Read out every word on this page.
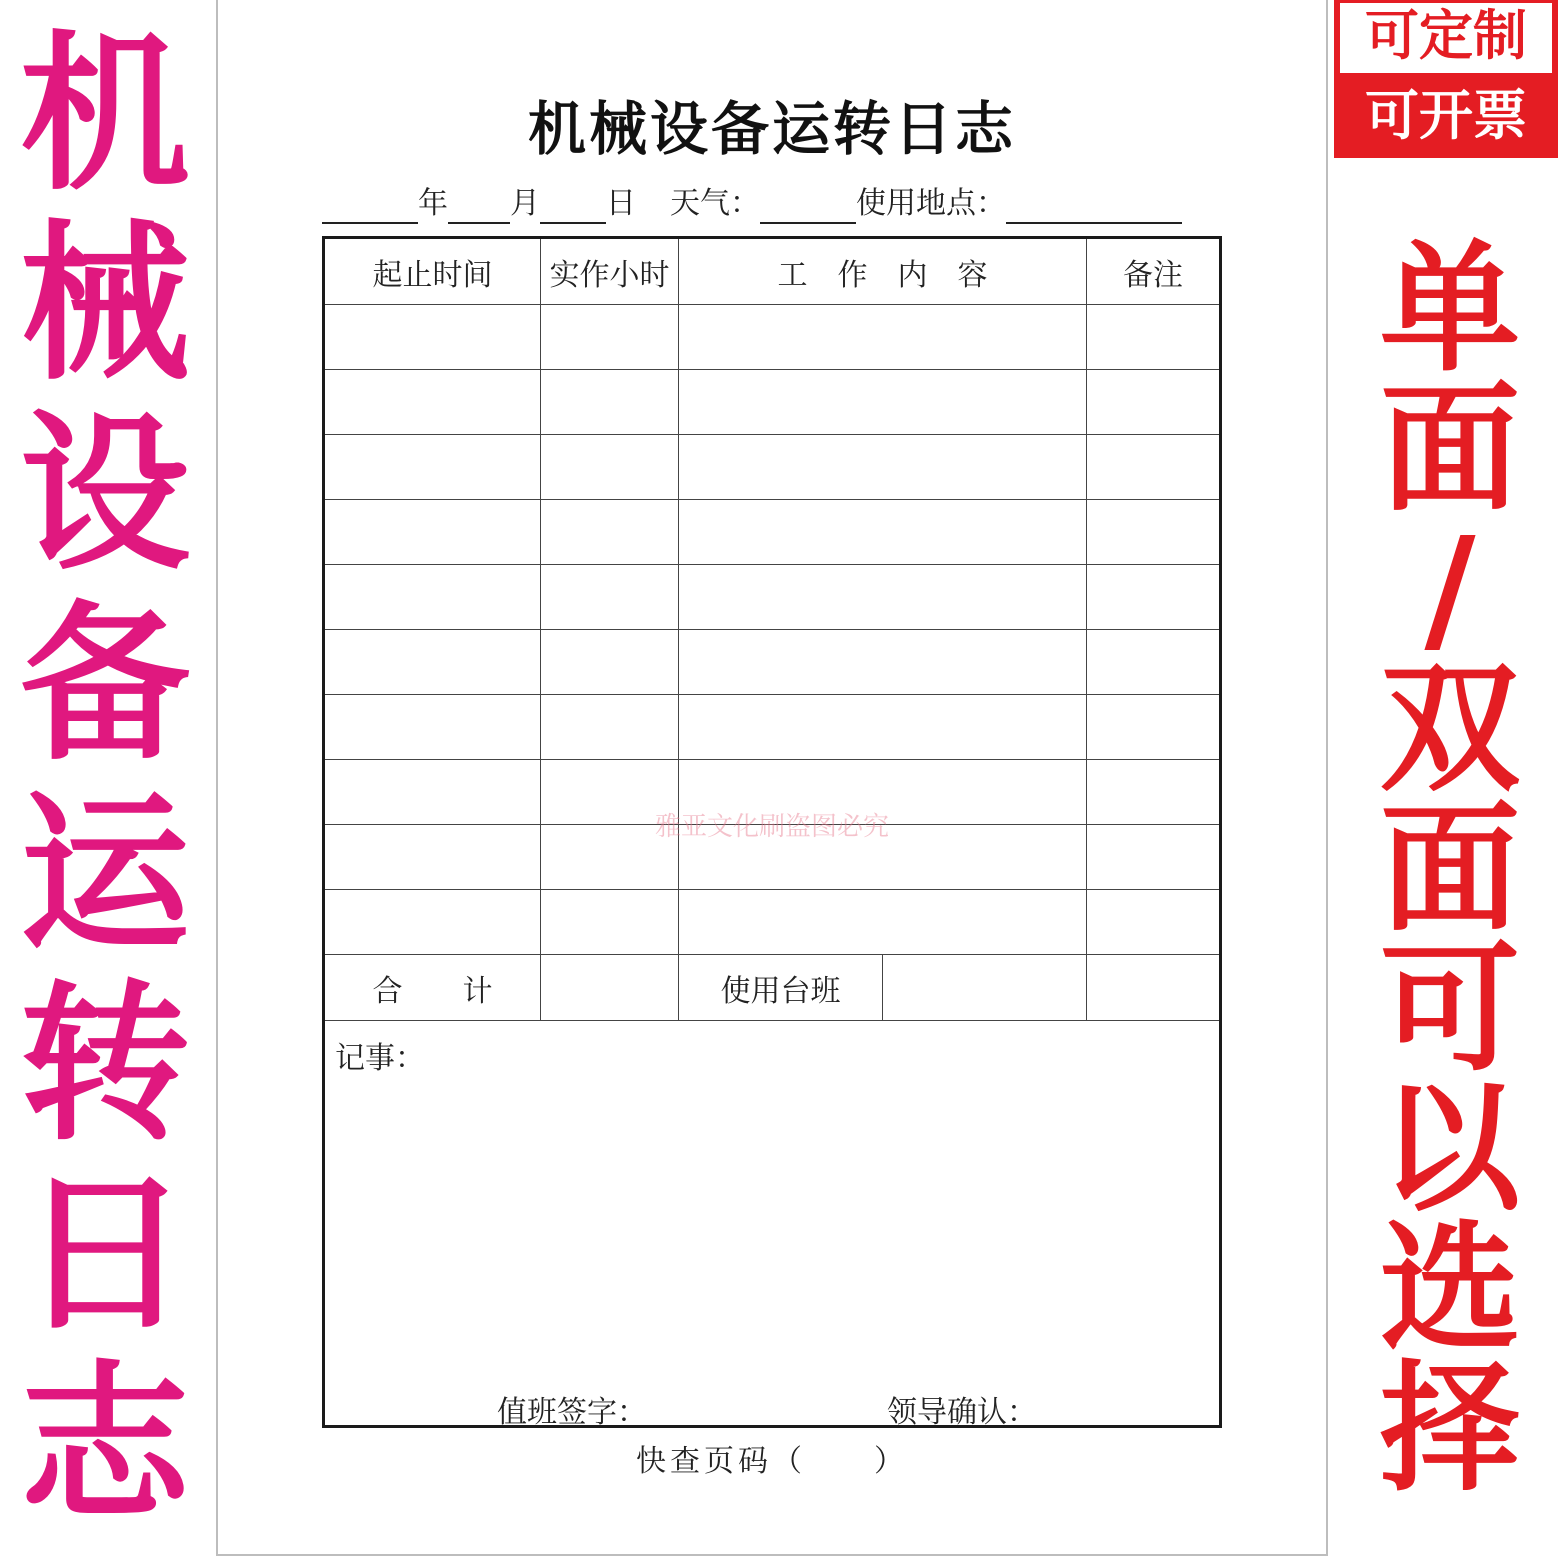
机
械
设
备
运
转
日
志
机械设备运转日志
年 月 日 天气：	使用地点：
起止时间	实作小时	工　作　内　容	备注
合　　计	使用台班
记事：
值班签字：	领导确认：
雅亚文化刷盗图必究
快查页码（　　）
可定制
可开票
单
面
/
双
面
可
以
选
择
